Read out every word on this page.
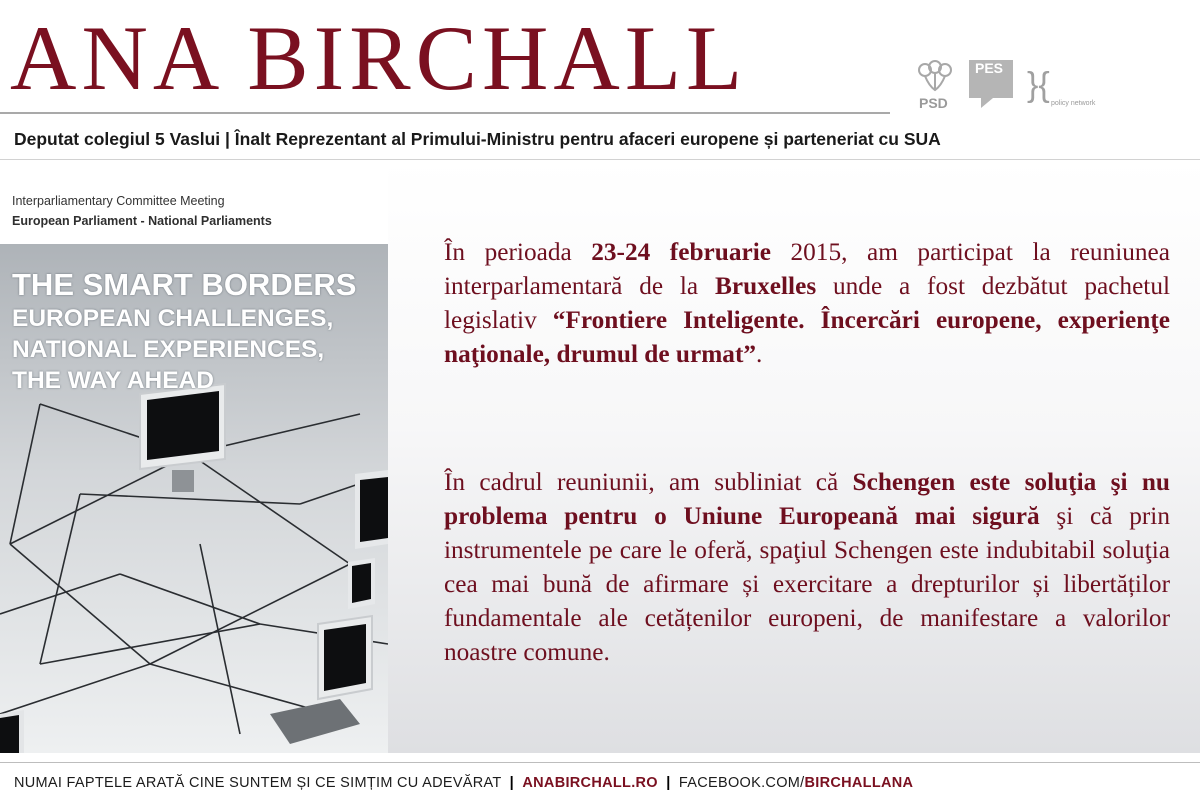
ANA BIRCHALL	PSD
PES }{ policy network
Deputat colegiul 5 Vaslui | Înalt Reprezentant al Primului-Ministru pentru afaceri europene și parteneriat cu SUA
Interparliamentary Committee Meeting
European Parliament - National Parliaments
THE SMART BORDERS
EUROPEAN CHALLENGES,
NATIONAL EXPERIENCES,
THE WAY AHEAD
În perioada 23-24 februarie 2015, am participat la reuniunea interparlamentară de la Bruxelles unde a fost dezbătut pachetul legislativ “Frontiere Inteligente. Încercări europene, experienţe naţionale, drumul de urmat”.
În cadrul reuniunii, am subliniat că Schengen este soluţia şi nu problema pentru o Uniune Europeană mai sigură şi că prin instrumentele pe care le oferă, spaţiul Schengen este indubitabil soluţia cea mai bună de afirmare și exercitare a drepturilor și libertăților fundamentale ale cetățenilor europeni, de manifestare a valorilor noastre comune.
NUMAI FAPTELE ARATĂ CINE SUNTEM ȘI CE SIMȚIM CU ADEVĂRAT | ANABIRCHALL.RO | FACEBOOK.COM/BIRCHALLANA
